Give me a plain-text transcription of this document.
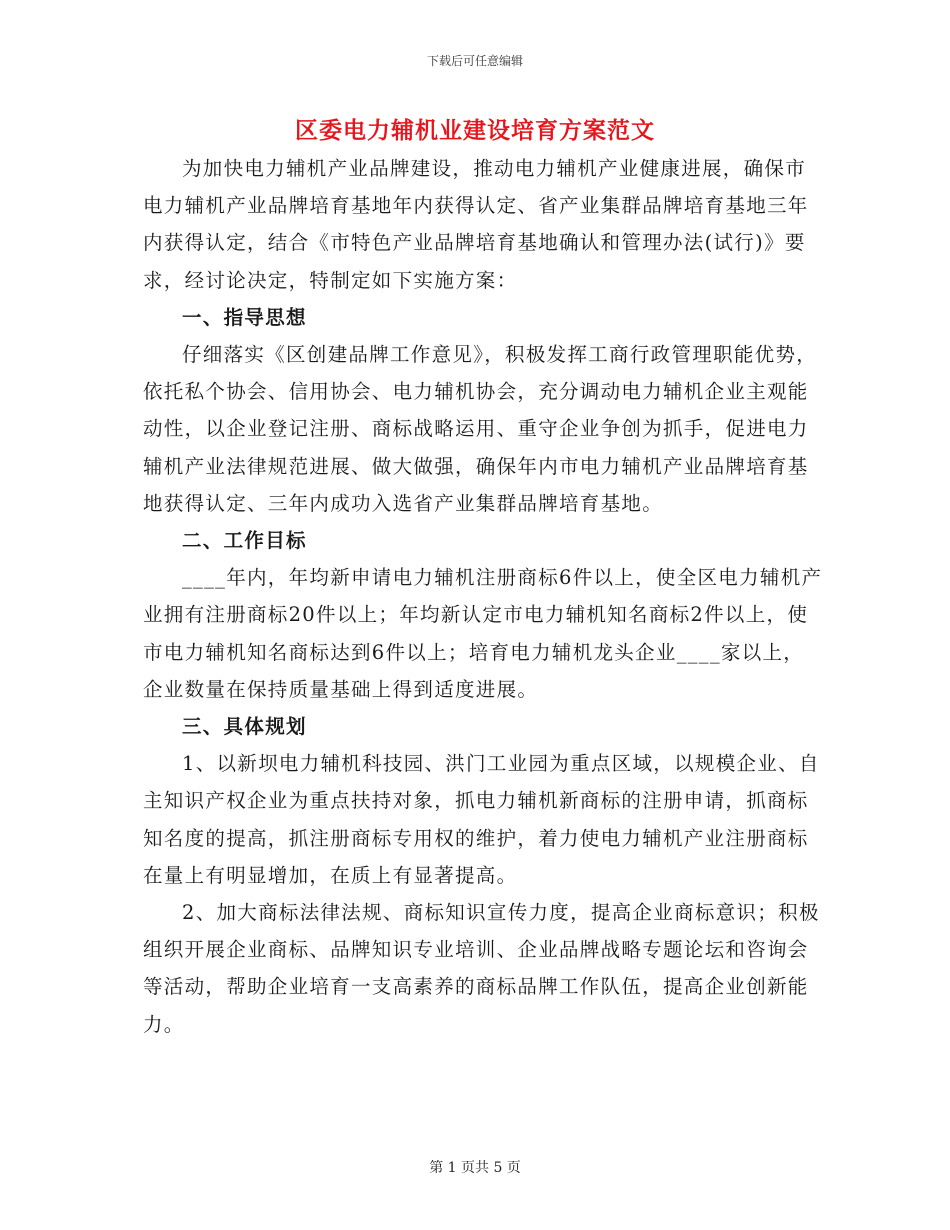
下载后可任意编辑
区委电力辅机业建设培育方案范文

为加快电力辅机产业品牌建设，推动电力辅机产业健康进展，确保市电力辅机产业品牌培育基地年内获得认定、省产业集群品牌培育基地三年内获得认定，结合《市特色产业品牌培育基地确认和管理办法(试行)》要求，经讨论决定，特制定如下实施方案：

一、指导思想

仔细落实《区创建品牌工作意见》，积极发挥工商行政管理职能优势，依托私个协会、信用协会、电力辅机协会，充分调动电力辅机企业主观能动性，以企业登记注册、商标战略运用、重守企业争创为抓手，促进电力辅机产业法律规范进展、做大做强，确保年内市电力辅机产业品牌培育基地获得认定、三年内成功入选省产业集群品牌培育基地。

二、工作目标

____年内，年均新申请电力辅机注册商标6件以上，使全区电力辅机产业拥有注册商标20件以上；年均新认定市电力辅机知名商标2件以上，使市电力辅机知名商标达到6件以上；培育电力辅机龙头企业____家以上，企业数量在保持质量基础上得到适度进展。

三、具体规划

1、以新坝电力辅机科技园、洪门工业园为重点区域，以规模企业、自主知识产权企业为重点扶持对象，抓电力辅机新商标的注册申请，抓商标知名度的提高，抓注册商标专用权的维护，着力使电力辅机产业注册商标在量上有明显增加，在质上有显著提高。

2、加大商标法律法规、商标知识宣传力度，提高企业商标意识；积极组织开展企业商标、品牌知识专业培训、企业品牌战略专题论坛和咨询会等活动，帮助企业培育一支高素养的商标品牌工作队伍，提高企业创新能力。

第 1 页共 5 页
